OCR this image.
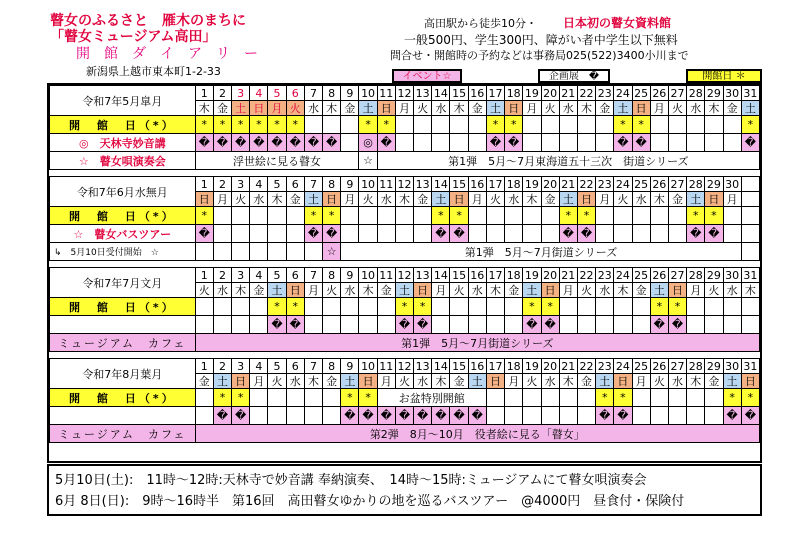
瞽女のふるさと　雁木のまちに
「瞽女ミュージアム高田」
開　館　ダ　イ　ア　リ　ー
新潟県上越市東本町1-2-33
高田駅から徒歩10分・ 日本初の瞽女資料館
一般500円、学生300円、障がい者中学生以下無料
問合せ・開館時の予約などは事務局025(522)3400小川まで
イベント☆	企画展　�	開館日 ＊
令和7年5月皐月	1	2	3	4	5	6	7	8	9	10	11	12	13	14	15	16	17	18	19	20	21	22	23	24	25	26	27	28	29	30	31
	木	金	土	日	月	火	水	木	金	土	日	月	火	水	木	金	土	日	月	火	水	木	金	土	日	月	火	水	木	金	土
開　館　日（*）	*	*	*	*	*	*				*	*						*	*						*	*						*
◎　天林寺妙音講	�	�	�	�	�	�	�	�		◎	�						�	�						�	�						�
☆　瞽女唄演奏会	浮世絵に見る瞽女									☆	第1弾　5月～7月東海道五十三次　街道シリーズ																				

令和7年6月水無月	1	2	3	4	5	6	7	8	9	10	11	12	13	14	15	16	17	18	19	20	21	22	23	24	25	26	27	28	29	30	
	日	月	火	水	木	金	土	日	月	火	水	木	金	土	日	月	火	水	木	金	土	日	月	火	水	木	金	土	日	月	
開　館　日（*）	*						*	*						*	*						*	*						*	*		
☆　瞽女バスツアー	�						�	�						�	�						�	�						�	�		
↳　5月10日受付開始　☆								☆	第1弾　5月～7月街道シリーズ																						

令和7年7月文月	1	2	3	4	5	6	7	8	9	10	11	12	13	14	15	16	17	18	19	20	21	22	23	24	25	26	27	28	29	30	31
	火	水	木	金	土	日	月	火	水	木	金	土	日	月	火	水	木	金	土	日	月	火	水	木	金	土	日	月	火	水	木
開　館　日（*）					*	*						*	*						*	*						*	*				
					�	�						�	�						�	�						�	�				
ミュージアム　カフェ	第1弾　5月～7月街道シリーズ																														

令和7年8月葉月	1	2	3	4	5	6	7	8	9	10	11	12	13	14	15	16	17	18	19	20	21	22	23	24	25	26	27	28	29	30	31
	金	土	日	月	火	水	木	金	土	日	月	火	水	木	金	土	日	月	火	水	木	金	土	日	月	火	水	木	金	土	日
開　館　日（*）		*	*						*	*	お盆特別開館												*	*						*	*
		�	�						�	�	�	�	�	�	�	�							�	�						�	�
ミュージアム　カフェ	第2弾　8月～10月　役者絵に見る「瞽女」																														
5月10日(土):　11時～12時:天林寺で妙音講 奉納演奏、　14時～15時:ミュージアムにて瞽女唄演奏会
6月 8日(日):　9時～16時半　第16回　高田瞽女ゆかりの地を巡るバスツアー　@4000円　昼食付・保険付
